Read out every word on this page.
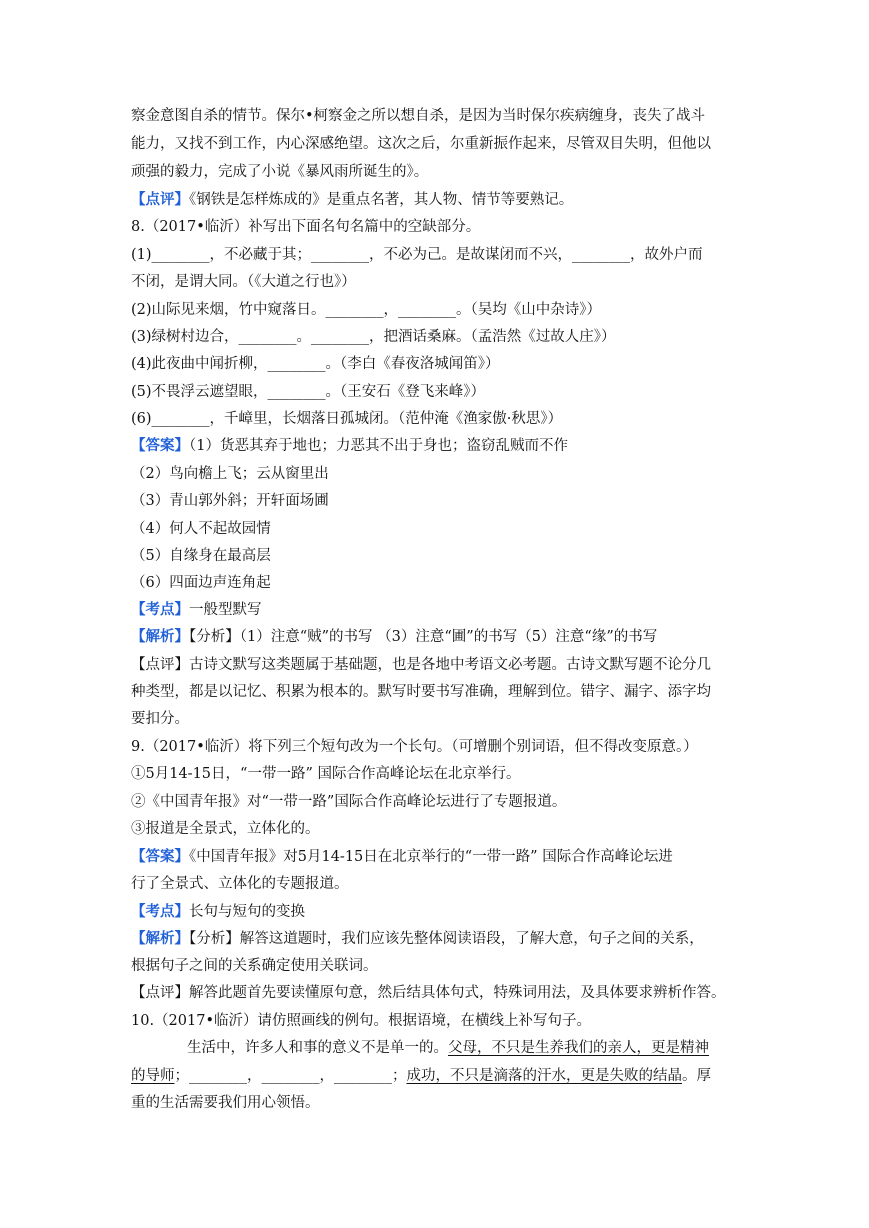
察金意图自杀的情节。保尔•柯察金之所以想自杀，是因为当时保尔疾病缠身，丧失了战斗
能力，又找不到工作，内心深感绝望。这次之后，尔重新振作起来，尽管双目失明，但他以
顽强的毅力，完成了小说《暴风雨所诞生的》。
【点评】《钢铁是怎样炼成的》是重点名著，其人物、情节等要熟记。
8.（2017•临沂）补写出下面名句名篇中的空缺部分。
(1)________，不必藏于其；________，不必为己。是故谋闭而不兴，________，故外户而
不闭，是谓大同。（《大道之行也》）
(2)山际见来烟，竹中窥落日。________，________。（吴均《山中杂诗》）
(3)绿树村边合，________。________，把酒话桑麻。（孟浩然《过故人庄》）
(4)此夜曲中闻折柳，________。（李白《春夜洛城闻笛》）
(5)不畏浮云遮望眼，________。（王安石《登飞来峰》）
(6)________，千嶂里，长烟落日孤城闭。（范仲淹《渔家傲·秋思》）
【答案】（1）货恶其弃于地也；力恶其不出于身也；盗窃乱贼而不作
（2）鸟向檐上飞；云从窗里出
（3）青山郭外斜；开轩面场圃
（4）何人不起故园情
（5）自缘身在最高层
（6）四面边声连角起
【考点】一般型默写
【解析】【分析】（1）注意“贼”的书写 （3）注意“圃”的书写（5）注意“缘”的书写
【点评】古诗文默写这类题属于基础题，也是各地中考语文必考题。古诗文默写题不论分几
种类型，都是以记忆、积累为根本的。默写时要书写准确，理解到位。错字、漏字、添字均
要扣分。
9.（2017•临沂）将下列三个短句改为一个长句。（可增删个别词语，但不得改变原意。）
①5月14-15日，“一带一路” 国际合作高峰论坛在北京举行。
②《中国青年报》对“一带一路”国际合作高峰论坛进行了专题报道。
③报道是全景式，立体化的。
【答案】《中国青年报》对5月14-15日在北京举行的“一带一路” 国际合作高峰论坛进
行了全景式、立体化的专题报道。
【考点】长句与短句的变换
【解析】【分析】解答这道题时，我们应该先整体阅读语段，了解大意，句子之间的关系，
根据句子之间的关系确定使用关联词。
【点评】解答此题首先要读懂原句意，然后结具体句式，特殊词用法，及具体要求辨析作答。
10.（2017•临沂）请仿照画线的例句。根据语境，在横线上补写句子。
生活中，许多人和事的意义不是单一的。父母，不只是生养我们的亲人，更是精神
的导师；________，________，________；成功，不只是滴落的汗水，更是失败的结晶。厚
重的生活需要我们用心领悟。
